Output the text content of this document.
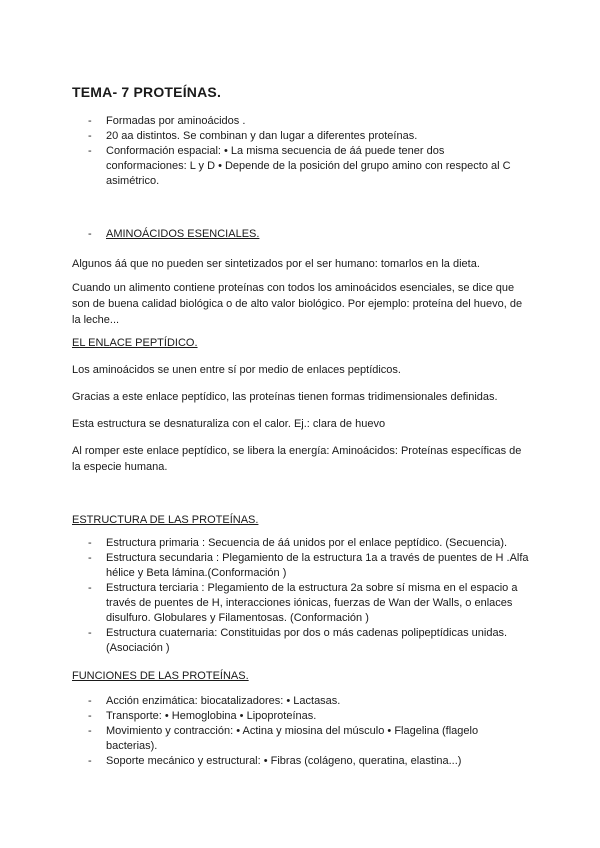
TEMA- 7 PROTEÍNAS.
- Formadas por aminoácidos .
- 20 aa distintos. Se combinan y dan lugar a diferentes proteínas.
- Conformación espacial: • La misma secuencia de áá puede tener dos conformaciones: L y D • Depende de la posición del grupo amino con respecto al C asimétrico.
- AMINOÁCIDOS ESENCIALES.

Algunos áá que no pueden ser sintetizados por el ser humano: tomarlos en la dieta.

Cuando un alimento contiene proteínas con todos los aminoácidos esenciales, se dice que son de buena calidad biológica o de alto valor biológico. Por ejemplo: proteína del huevo, de la leche...

EL ENLACE PEPTÍDICO.

Los aminoácidos se unen entre sí por medio de enlaces peptídicos.

Gracias a este enlace peptídico, las proteínas tienen formas tridimensionales definidas.

Esta estructura se desnaturaliza con el calor. Ej.: clara de huevo

Al romper este enlace peptídico, se libera la energía: Aminoácidos: Proteínas específicas de la especie humana.

ESTRUCTURA DE LAS PROTEÍNAS.

- Estructura primaria : Secuencia de áá unidos por el enlace peptídico. (Secuencia).
- Estructura secundaria : Plegamiento de la estructura 1a a través de puentes de H .Alfa hélice y Beta lámina.(Conformación )
- Estructura terciaria : Plegamiento de la estructura 2a sobre sí misma en el espacio a través de puentes de H, interacciones iónicas, fuerzas de Wan der Walls, o enlaces disulfuro. Globulares y Filamentosas. (Conformación )
- Estructura cuaternaria: Constituidas por dos o más cadenas polipeptídicas unidas. (Asociación )

FUNCIONES DE LAS PROTEÍNAS.

- Acción enzimática: biocatalizadores: • Lactasas.
- Transporte: • Hemoglobina • Lipoproteínas.
- Movimiento y contracción: • Actina y miosina del músculo • Flagelina (flagelo bacterias).
- Soporte mecánico y estructural: • Fibras (colágeno, queratina, elastina...)
